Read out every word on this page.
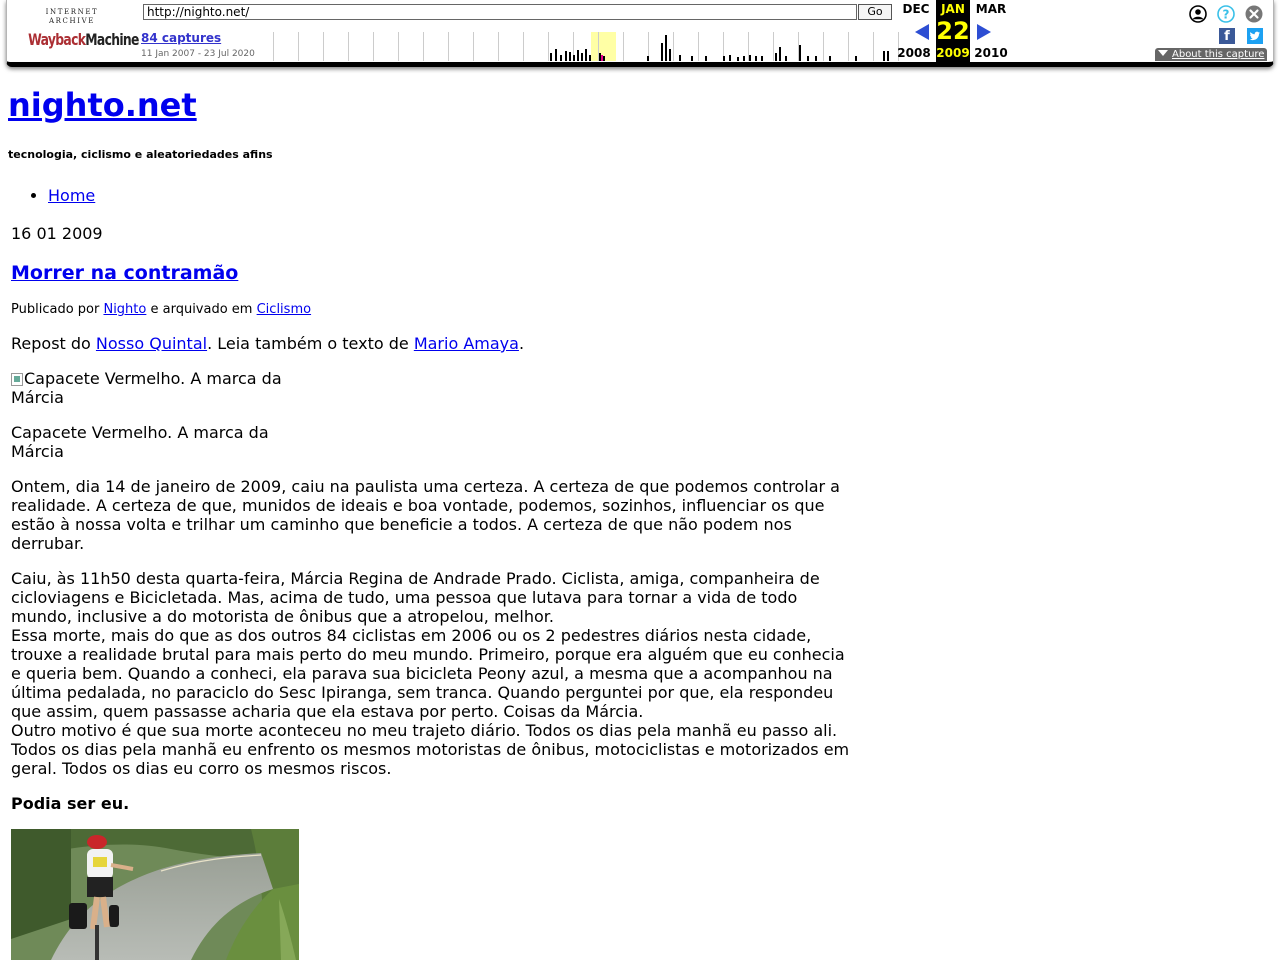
INTERNET ARCHIVE
WaybackMachine
http://nighto.net/	Go
84 captures
11 Jan 2007 - 23 Jul 2020
DEC JAN
22
2009
MAR
2008	2010
?
f
About this capture
nighto.net
tecnologia, ciclismo e aleatoriedades afins
• Home
16 01 2009
Morrer na contramão
Publicado por Nighto e arquivado em Ciclismo

Repost do Nosso Quintal. Leia também o texto de Mario Amaya.

Capacete Vermelho. A marca da Márcia

Capacete Vermelho. A marca da Márcia

Ontem, dia 14 de janeiro de 2009, caiu na paulista uma certeza. A certeza de que podemos controlar a realidade. A certeza de que, munidos de ideais e boa vontade, podemos, sozinhos, influenciar os que estão à nossa volta e trilhar um caminho que beneficie a todos. A certeza de que não podem nos derrubar.

Caiu, às 11h50 desta quarta-feira, Márcia Regina de Andrade Prado. Ciclista, amiga, companheira de cicloviagens e Bicicletada. Mas, acima de tudo, uma pessoa que lutava para tornar a vida de todo mundo, inclusive a do motorista de ônibus que a atropelou, melhor.
Essa morte, mais do que as dos outros 84 ciclistas em 2006 ou os 2 pedestres diários nesta cidade, trouxe a realidade brutal para mais perto do meu mundo. Primeiro, porque era alguém que eu conhecia e queria bem. Quando a conheci, ela parava sua bicicleta Peony azul, a mesma que a acompanhou na última pedalada, no paraciclo do Sesc Ipiranga, sem tranca. Quando perguntei por que, ela respondeu que assim, quem passasse acharia que ela estava por perto. Coisas da Márcia.
Outro motivo é que sua morte aconteceu no meu trajeto diário. Todos os dias pela manhã eu passo ali. Todos os dias pela manhã eu enfrento os mesmos motoristas de ônibus, motociclistas e motorizados em geral. Todos os dias eu corro os mesmos riscos.

Podia ser eu.
